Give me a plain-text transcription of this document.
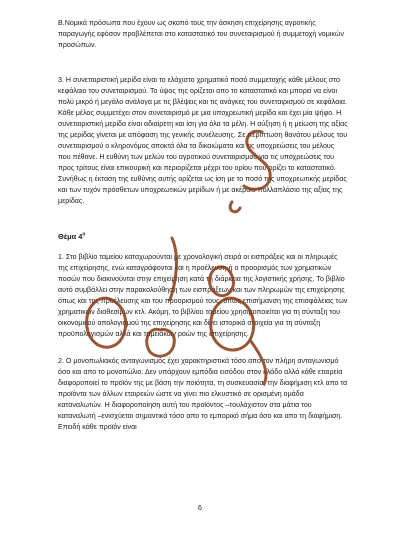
Β.Νομικά πρόσωπα που έχουν ως σκοπό τους την άσκηση επιχείρησης αγροτικής παραγωγής εφόσον προβλέπεται στο καταστατικό του συνεταιρισμού ή συμμετοχή νομικών προσώπων.

3. Η συνεταιριστική μερίδα είναι το ελάχιστο χρηματικό ποσό συμμετοχής κάθε μέλους στο κεφάλαιο του συνεταιρισμού. Το ύψος της ορίζεται απο το καταστατικό και μπορεί να είναι πολύ μικρό ή μεγάλο ανάλογα με τις βλέψεις και τις ανάγκες του συνεταιρισμού σε κεφάλαια. Κάθε μέλος συμμετέχει στον συνεταιρισμό με μια υποχρεωτική μερίδα και έχει μία ψήφο. Η συνεταιριστική μερίδα είναι αδιαίρετη και ίση για όλα τα μέλη. Η αύξηση ή η μείωση της αξίας της μερίδας γίνεται με απόφαση της γενικής συνέλευσης. Σε περίπτωση θανάτου μέλους του συνεταιρισμού ο κληρονόμος αποκτά όλα τα δικαιώματα και τις υποχρεώσεις του μέλους που πέθανε. Η ευθύνη των μελών του αγροτικού συνεταιρισμού για τις υποχρεώσεις του προς τρίτους είναι επικουρική και περιορίζεται μέχρι του ορίου που ορίζει το καταστατικό. Συνήθως η έκταση της ευθύνης αυτής ορίζεται ως ίση με το ποσό της υποχρεωτικής μερίδας και των τυχόν πρόσθετων υποχρεωτικών μερίδων ή με ακέραιο πολλαπλάσιο της αξίας της μερίδας.

Θέμα $4^o$

1. Στο βιβλίο ταμείου καταχωρούνται με χρονολογική σειρά οι εισπράξεις και οι πληρωμές της επιχείρησης, ενώ καταγράφονται και η προέλευση ή ο προορισμός των χρηματικών ποσών που διακινούνται στην επιχείρηση κατά τη διάρκεια της λογιστικής χρήσης. Το βιβλίο αυτό συμβάλλει στην παρακολούθηση των εισπράξεων και των πληρωμών της επιχείρησης όπως και της προέλευσης και του προορισμού τους, όπως επισήμανση της επισφάλειας των χρηματικών διαθεσίμων κτλ. Ακόμη, το βιβλίου ταμείου χρησιμοποιείται για τη σύνταξη του οικονομικού απολογισμού της επιχείρησης και δίνει ιστορικά στοιχεία για τη σύνταξη προϋπολογισμών αλλά και ταμειακών ροών της επιχείρησης.

2. Ο μονοπωλιακός ανταγωνισμός έχει χαρακτηριστικά τόσο απο τον πλήρη ανταγωνισμό όσο και απο το μονοπώλιο. Δεν υπάρχουν εμπόδια εισόδου στον κλάδο αλλά κάθε εταιρεία διαφοροποιεί το προϊόν της με βάση την ποιότητα, τη συσκευασία, την διαφήμιση κτλ απο τα προϊόντα των άλλων εταιρειών ώστε να γίνει πιο ελκυστικό σε ορισμένη ομάδα καταναλωτών. Η διαφοροποίηση αυτή του προϊόντος –τουλάχιστον στα μάτια του καταναλωτή –ενισχύεται σημαντικά τόσο απο το εμπορικό σήμα όσο και απο τη διαφήμιση. Επειδή κάθε προϊόν είναι

6
